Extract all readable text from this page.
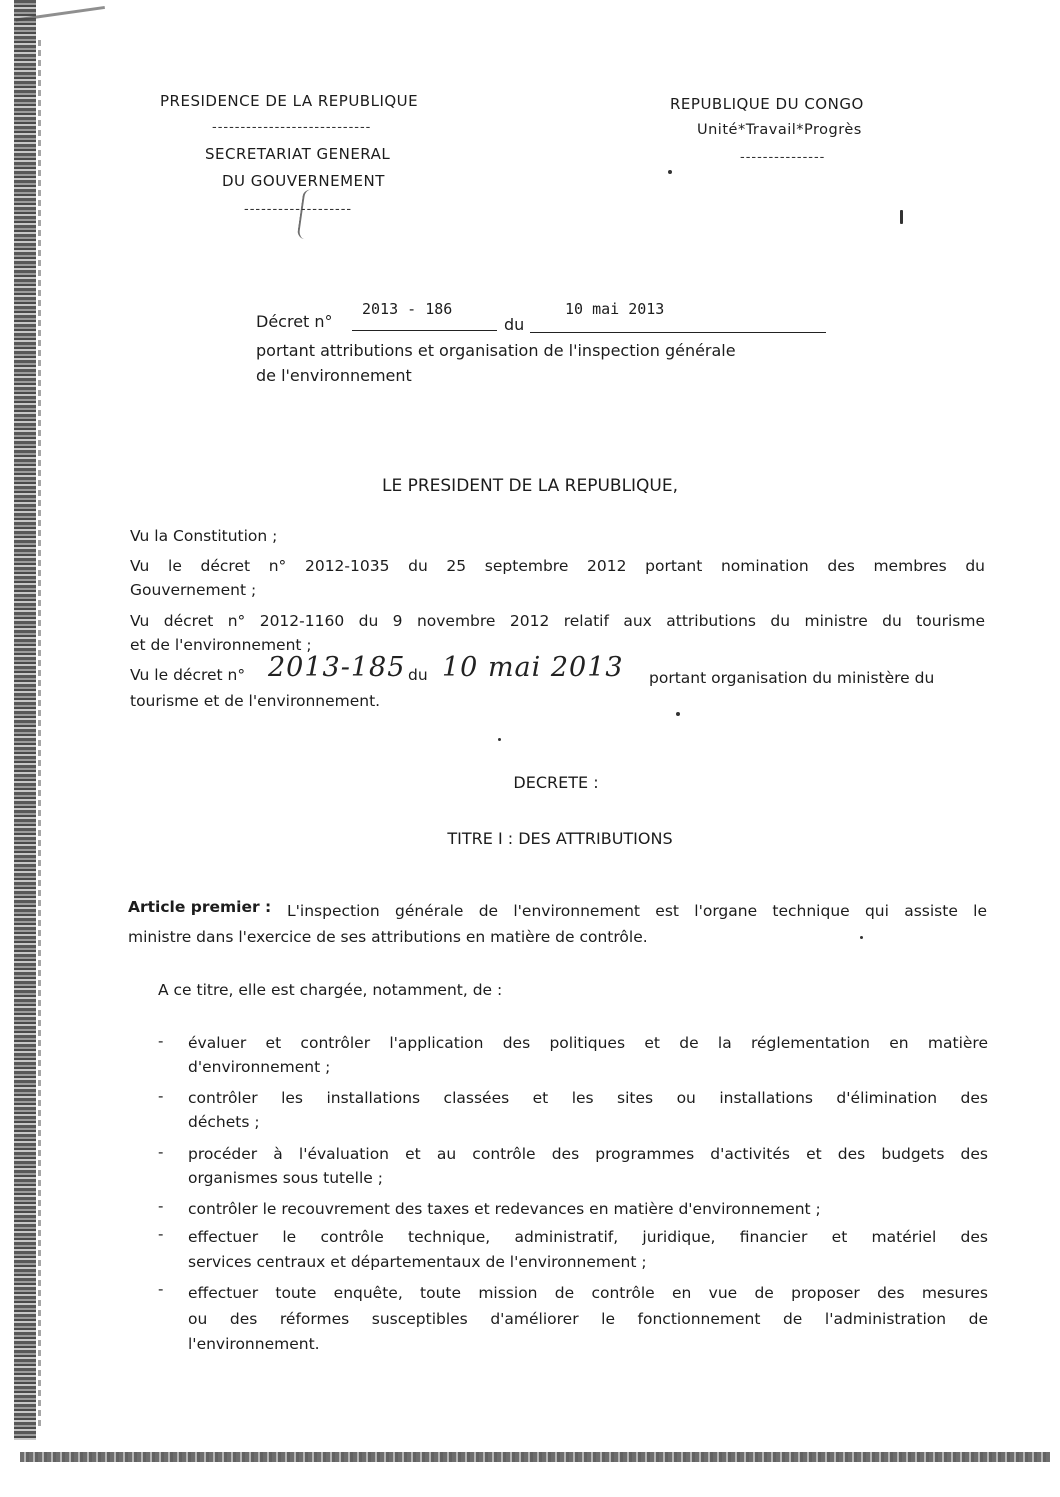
PRESIDENCE DE LA REPUBLIQUE
----------------------------
SECRETARIAT GENERAL
DU GOUVERNEMENT
-------------------
REPUBLIQUE DU CONGO
Unité*Travail*Progrès
---------------
Décret n°
2013 - 186
du
10 mai 2013
portant attributions et organisation de l'inspection générale
de l'environnement
LE PRESIDENT DE LA REPUBLIQUE,
Vu la Constitution ;
Vu le décret n° 2012-1035 du 25 septembre 2012 portant nomination des membres du
Gouvernement ;
Vu décret n° 2012-1160 du 9 novembre 2012 relatif aux attributions du ministre du tourisme
et de l'environnement ;
Vu le décret n° 2013-185 du 10 mai 2013 portant organisation du ministère du
tourisme et de l'environnement.
DECRETE :
TITRE I : DES ATTRIBUTIONS
Article premier : L'inspection générale de l'environnement est l'organe technique qui assiste le
ministre dans l'exercice de ses attributions en matière de contrôle.
A ce titre, elle est chargée, notamment, de :
- évaluer et contrôler l'application des politiques et de la réglementation en matière
d'environnement ;
- contrôler les installations classées et les sites ou installations d'élimination des
déchets ;
- procéder à l'évaluation et au contrôle des programmes d'activités et des budgets des
organismes sous tutelle ;
- contrôler le recouvrement des taxes et redevances en matière d'environnement ;
- effectuer le contrôle technique, administratif, juridique, financier et matériel des
services centraux et départementaux de l'environnement ;
- effectuer toute enquête, toute mission de contrôle en vue de proposer des mesures
ou des réformes susceptibles d'améliorer le fonctionnement de l'administration de
l'environnement.
